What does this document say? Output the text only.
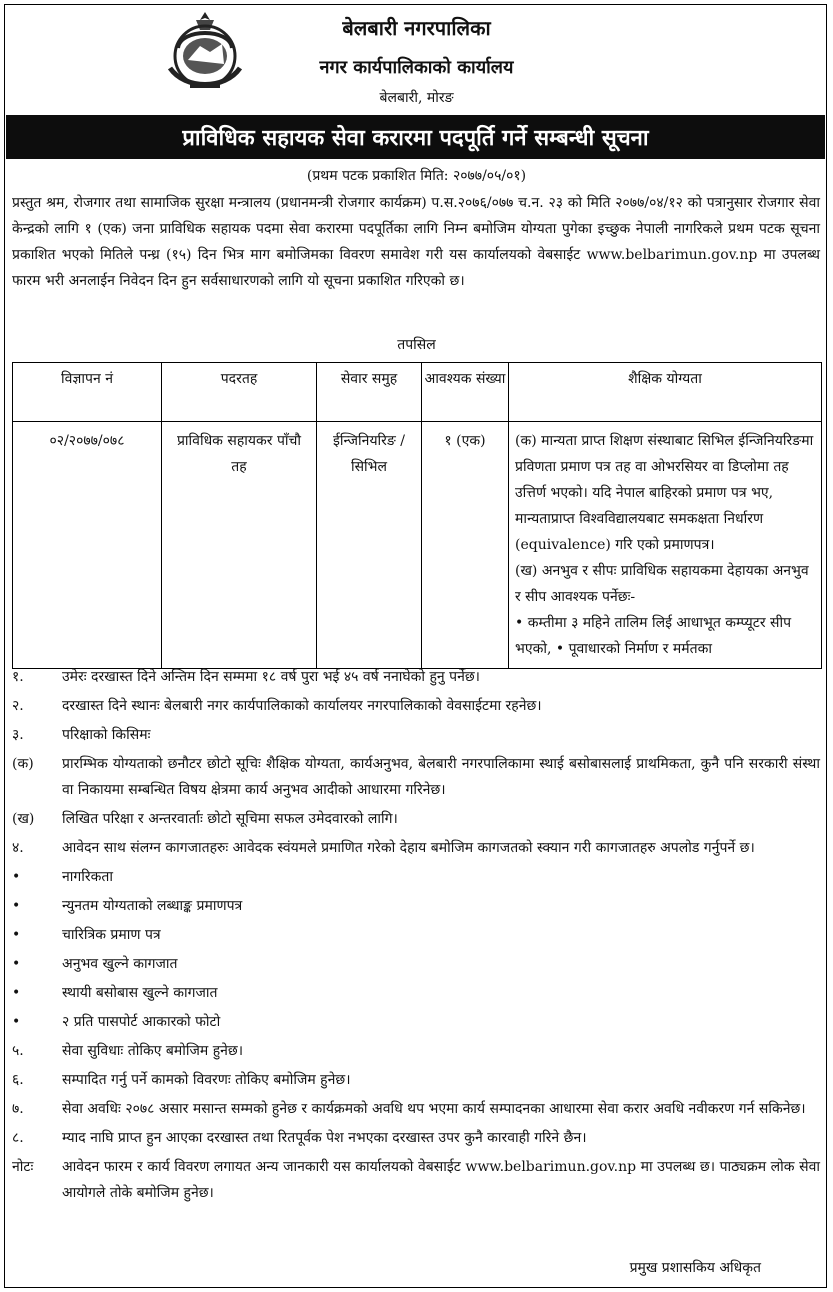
बेलबारी नगरपालिका
नगर कार्यपालिकाको कार्यालय
बेलबारी, मोरङ
प्राविधिक सहायक सेवा करारमा पदपूर्ति गर्ने सम्बन्धी सूचना
(प्रथम पटक प्रकाशित मिति: २०७७/०५/०१)
प्रस्तुत श्रम, रोजगार तथा सामाजिक सुरक्षा मन्त्रालय (प्रधानमन्त्री रोजगार कार्यक्रम) प.स.२०७६/०७७ च.न. २३ को मिति २०७७/०४/१२ को पत्रानुसार रोजगार सेवा केन्द्रको लागि १ (एक) जना प्राविधिक सहायक पदमा सेवा करारमा पदपूर्तिका लागि निम्न बमोजिम योग्यता पुगेका इच्छुक नेपाली नागरिकले प्रथम पटक सूचना प्रकाशित भएको मितिले पन्ध्र (१५) दिन भित्र माग बमोजिमका विवरण समावेश गरी यस कार्यालयको वेबसाईट www.belbarimun.gov.np मा उपलब्ध फारम भरी अनलाईन निवेदन दिन हुन सर्वसाधारणको लागि यो सूचना प्रकाशित गरिएको छ।
तपसिल
विज्ञापन नं	पदरतह	सेवार समुह	आवश्यक संख्या	शैक्षिक योग्यता
०२/२०७७/०७८	प्राविधिक सहायकर पाँचौ तह	ईन्जिनियरिङ /सिभिल	१ (एक)	(क) मान्यता प्राप्त शिक्षण संस्थाबाट सिभिल ईन्जिनियरिङमा प्रविणता प्रमाण पत्र तह वा ओभरसियर वा डिप्लोमा तह उत्तिर्ण भएको। यदि नेपाल बाहिरको प्रमाण पत्र भए, मान्यताप्राप्त विश्वविद्यालयबाट समकक्षता निर्धारण (equivalence) गरि एको प्रमाणपत्र।

(ख) अनभुव र सीपः प्राविधिक सहायकमा देहायका अनभुव र सीप आवश्यक पर्नेछः-

• कम्तीमा ३ महिने तालिम लिई आधाभूत कम्प्यूटर सीप भएको, • पूवाधारको निर्माण र मर्मतका

१.	उमेरः दरखास्त दिने अन्तिम दिन सम्ममा १८ वर्ष पुरा भई ४५ वर्ष ननाघेको हुनु पर्नेछ।
२.	दरखास्त दिने स्थानः बेलबारी नगर कार्यपालिकाको कार्यालयर नगरपालिकाको वेवसाईटमा रहनेछ।
३.	परिक्षाको किसिमः
(क)	प्रारम्भिक योग्यताको छनौटर छोटो सूचिः शैक्षिक योग्यता, कार्यअनुभव, बेलबारी नगरपालिकामा स्थाई बसोबासलाई प्राथमिकता, कुनै पनि सरकारी संस्था वा निकायमा सम्बन्धित विषय क्षेत्रमा कार्य अनुभव आदीको आधारमा गरिनेछ।
(ख)	लिखित परिक्षा र अन्तरवार्ताः छोटो सूचिमा सफल उमेदवारको लागि।
४.	आवेदन साथ संलग्न कागजातहरुः आवेदक स्वंयमले प्रमाणित गरेको देहाय बमोजिम कागजतको स्क्यान गरी कागजातहरु अपलोड गर्नुपर्ने छ।
•	नागरिकता
•	न्युनतम योग्यताको लब्धाङ्क प्रमाणपत्र
•	चारित्रिक प्रमाण पत्र
•	अनुभव खुल्ने कागजात
•	स्थायी बसोबास खुल्ने कागजात
•	२ प्रति पासपोर्ट आकारको फोटो
५.	सेवा सुविधाः तोकिए बमोजिम हुनेछ।
६.	सम्पादित गर्नु पर्ने कामको विवरणः तोकिए बमोजिम हुनेछ।
७.	सेवा अवधिः २०७८ असार मसान्त सम्मको हुनेछ र कार्यक्रमको अवधि थप भएमा कार्य सम्पादनका आधारमा सेवा करार अवधि नवीकरण गर्न सकिनेछ।
८.	म्याद नाघि प्राप्त हुन आएका दरखास्त तथा रितपूर्वक पेश नभएका दरखास्त उपर कुनै कारवाही गरिने छैन।
नोटः	आवेदन फारम र कार्य विवरण लगायत अन्य जानकारी यस कार्यालयको वेबसाईट www.belbarimun.gov.np मा उपलब्ध छ। पाठ्यक्रम लोक सेवा आयोगले तोके बमोजिम हुनेछ।
प्रमुख प्रशासकिय अधिकृत
